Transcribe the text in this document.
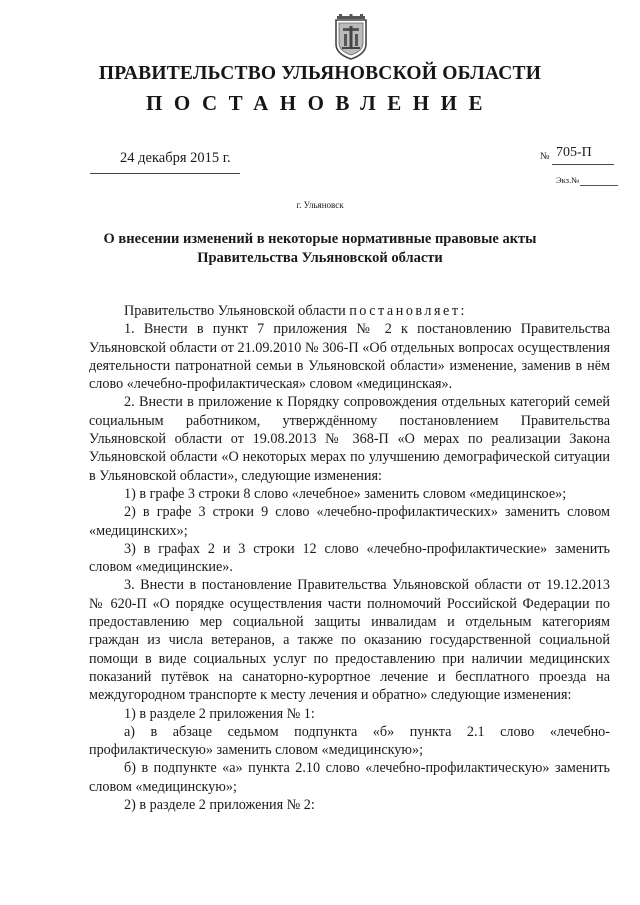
ПРАВИТЕЛЬСТВО УЛЬЯНОВСКОЙ ОБЛАСТИ
ПОСТАНОВЛЕНИЕ
24 декабря 2015 г.	№ 705-П
Экз.№
г. Ульяновск
О внесении изменений в некоторые нормативные правовые акты
Правительства Ульяновской области

Правительство Ульяновской области постановляет:

1. Внести в пункт 7 приложения № 2 к постановлению Правительства Ульяновской области от 21.09.2010 № 306-П «Об отдельных вопросах осуществления деятельности патронатной семьи в Ульяновской области» изменение, заменив в нём слово «лечебно-профилактическая» словом «медицинская».

2. Внести в приложение к Порядку сопровождения отдельных категорий семей социальным работником, утверждённому постановлением Правительства Ульяновской области от 19.08.2013 № 368-П «О мерах по реализации Закона Ульяновской области «О некоторых мерах по улучшению демографической ситуации в Ульяновской области», следующие изменения:

1) в графе 3 строки 8 слово «лечебное» заменить словом «медицинское»;

2) в графе 3 строки 9 слово «лечебно-профилактических» заменить словом «медицинских»;

3) в графах 2 и 3 строки 12 слово «лечебно-профилактические» заменить словом «медицинские».

3. Внести в постановление Правительства Ульяновской области от 19.12.2013 № 620-П «О порядке осуществления части полномочий Российской Федерации по предоставлению мер социальной защиты инвалидам и отдельным категориям граждан из числа ветеранов, а также по оказанию государственной социальной помощи в виде социальных услуг по предоставлению при наличии медицинских показаний путёвок на санаторно-курортное лечение и бесплатного проезда на междугородном транспорте к месту лечения и обратно» следующие изменения:

1) в разделе 2 приложения № 1:

а) в абзаце седьмом подпункта «б» пункта 2.1 слово «лечебно-профилактическую» заменить словом «медицинскую»;

б) в подпункте «а» пункта 2.10 слово «лечебно-профилактическую» заменить словом «медицинскую»;

2) в разделе 2 приложения № 2:
